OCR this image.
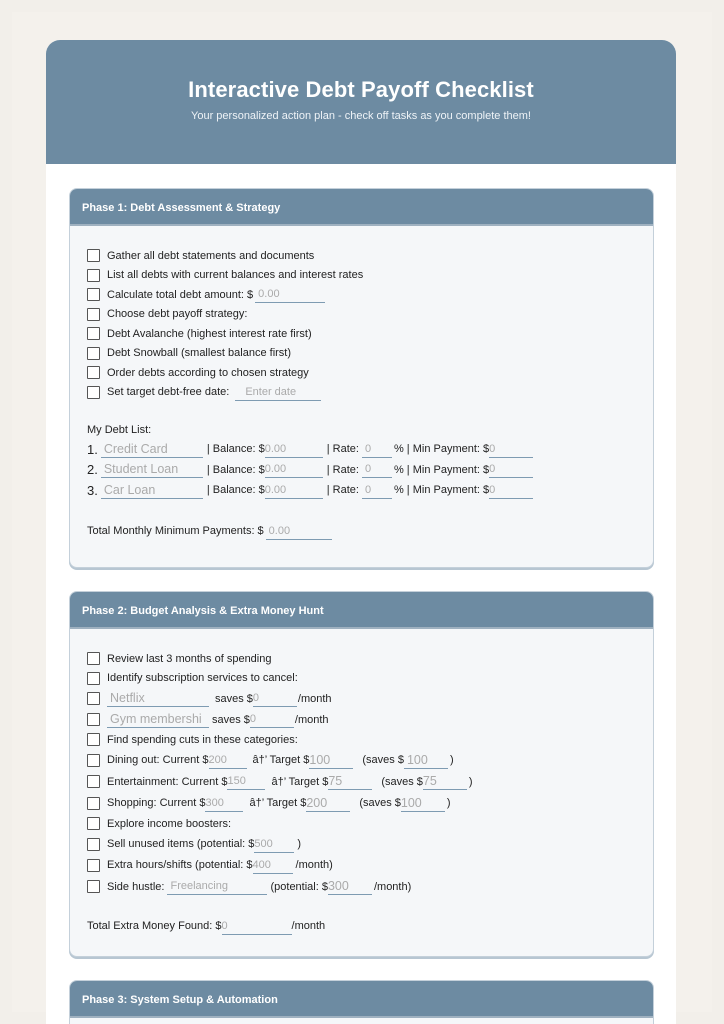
Interactive Debt Payoff Checklist

Your personalized action plan - check off tasks as you complete them!

Phase 1: Debt Assessment & Strategy
Gather all debt statements and documents
List all debts with current balances and interest rates
Calculate total debt amount: $ 0.00
Choose debt payoff strategy:
Debt Avalanche (highest interest rate first)
Debt Snowball (smallest balance first)
Order debts according to chosen strategy
Set target debt-free date:	Enter date
My Debt List:
1. Credit Card	| Balance: $ 0.00	| Rate: 0	% | Min Payment: $ 0
2. Student Loan	| Balance: $ 0.00	| Rate: 0	% | Min Payment: $ 0
3. Car Loan	| Balance: $ 0.00	| Rate: 0	% | Min Payment: $ 0
Total Monthly Minimum Payments: $ 0.00
Phase 2: Budget Analysis & Extra Money Hunt
Review last 3 months of spending
Identify subscription services to cancel:
Netflix	saves $ 0	/month
Gym membershi saves $ 0	/month
Find spending cuts in these categories:
Dining out: Current $ 200	â†’ Target $ 100	(saves $ 100	)
Entertainment: Current $ 150	â†’ Target $ 75	(saves $ 75	)
Shopping: Current $ 300	â†’ Target $ 200	(saves $ 100	)
Explore income boosters:
Sell unused items (potential: $ 500	)
Extra hours/shifts (potential: $ 400	/month)
Side hustle: Freelancing	(potential: $ 300	/month)
Total Extra Money Found: $ 0	/month
Phase 3: System Setup & Automation
